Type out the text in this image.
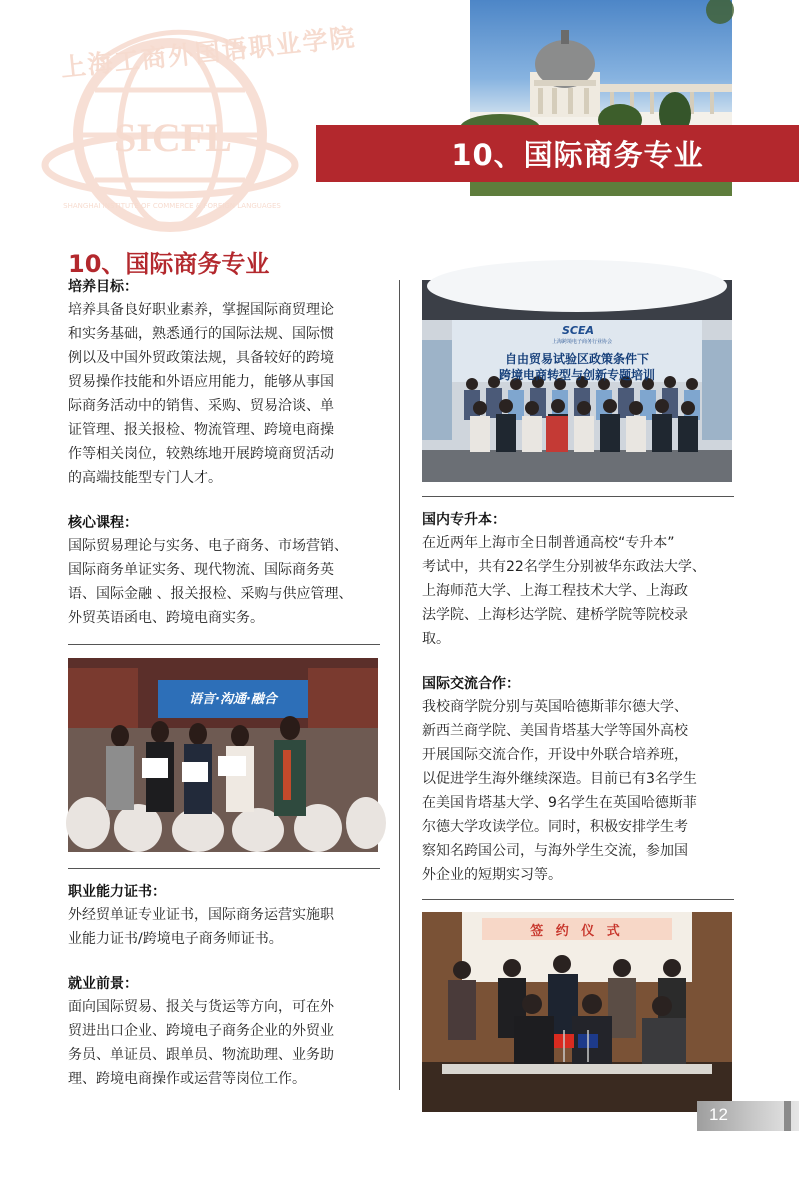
上海工商外国语职业学院
SICFL
SHANGHAI INSTITUTE OF COMMERCE & FOREIGN LANGUAGES
10、国际商务专业
10、国际商务专业
培养目标：
培养具备良好职业素养，掌握国际商贸理论
和实务基础，熟悉通行的国际法规、国际惯
例以及中国外贸政策法规，具备较好的跨境
贸易操作技能和外语应用能力，能够从事国
际商务活动中的销售、采购、贸易洽谈、单
证管理、报关报检、物流管理、跨境电商操
作等相关岗位，较熟练地开展跨境商贸活动
的高端技能型专门人才。
核心课程：
国际贸易理论与实务、电子商务、市场营销、
国际商务单证实务、现代物流、国际商务英
语、国际金融 、报关报检、采购与供应管理、
外贸英语函电、跨境电商实务。
语言·沟通·融合
职业能力证书：
外经贸单证专业证书，国际商务运营实施职
业能力证书/跨境电子商务师证书。
就业前景：
面向国际贸易、报关与货运等方向，可在外
贸进出口企业、跨境电子商务企业的外贸业
务员、单证员、跟单员、物流助理、业务助
理、跨境电商操作或运营等岗位工作。
SCEA
上海跨境电子商务行业协会
自由贸易试验区政策条件下
跨境电商转型与创新专题培训
国内专升本：
在近两年上海市全日制普通高校“专升本”
考试中，共有22名学生分别被华东政法大学、
上海师范大学、上海工程技术大学、上海政
法学院、上海杉达学院、建桥学院等院校录
取。
国际交流合作：
我校商学院分别与英国哈德斯菲尔德大学、
新西兰商学院、美国肯塔基大学等国外高校
开展国际交流合作，开设中外联合培养班，
以促进学生海外继续深造。目前已有3名学生
在美国肯塔基大学、9名学生在英国哈德斯菲
尔德大学攻读学位。同时，积极安排学生考
察知名跨国公司，与海外学生交流，参加国
外企业的短期实习等。
签 约 仪 式
12
